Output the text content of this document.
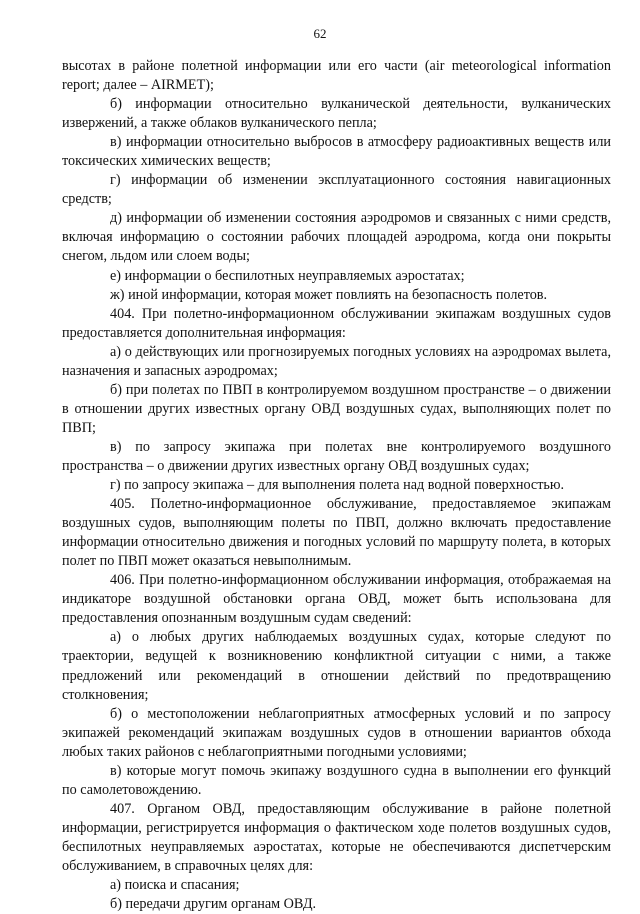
62

высотах в районе полетной информации или его части (air meteorological information report; далее – AIRMET);

б) информации относительно вулканической деятельности, вулканических извержений, а также облаков вулканического пепла;

в) информации относительно выбросов в атмосферу радиоактивных веществ или токсических химических веществ;

г) информации об изменении эксплуатационного состояния навигационных средств;

д) информации об изменении состояния аэродромов и связанных с ними средств, включая информацию о состоянии рабочих площадей аэродрома, когда они покрыты снегом, льдом или слоем воды;

е) информации о беспилотных неуправляемых аэростатах;

ж) иной информации, которая может повлиять на безопасность полетов.

404. При полетно-информационном обслуживании экипажам воздушных судов предоставляется дополнительная информация:

а) о действующих или прогнозируемых погодных условиях на аэродромах вылета, назначения и запасных аэродромах;

б) при полетах по ПВП в контролируемом воздушном пространстве – о движении в отношении других известных органу ОВД воздушных судах, выполняющих полет по ПВП;

в) по запросу экипажа при полетах вне контролируемого воздушного пространства – о движении других известных органу ОВД воздушных судах;

г) по запросу экипажа – для выполнения полета над водной поверхностью.

405. Полетно-информационное обслуживание, предоставляемое экипажам воздушных судов, выполняющим полеты по ПВП, должно включать предоставление информации относительно движения и погодных условий по маршруту полета, в которых полет по ПВП может оказаться невыполнимым.

406. При полетно-информационном обслуживании информация, отображаемая на индикаторе воздушной обстановки органа ОВД, может быть использована для предоставления опознанным воздушным судам сведений:

а) о любых других наблюдаемых воздушных судах, которые следуют по траектории, ведущей к возникновению конфликтной ситуации с ними, а также предложений или рекомендаций в отношении действий по предотвращению столкновения;

б) о местоположении неблагоприятных атмосферных условий и по запросу экипажей рекомендаций экипажам воздушных судов в отношении вариантов обхода любых таких районов с неблагоприятными погодными условиями;

в) которые могут помочь экипажу воздушного судна в выполнении его функций по самолетовождению.

407. Органом ОВД, предоставляющим обслуживание в районе полетной информации, регистрируется информация о фактическом ходе полетов воздушных судов, беспилотных неуправляемых аэростатах, которые не обеспечиваются диспетчерским обслуживанием, в справочных целях для:

а) поиска и спасания;

б) передачи другим органам ОВД.
